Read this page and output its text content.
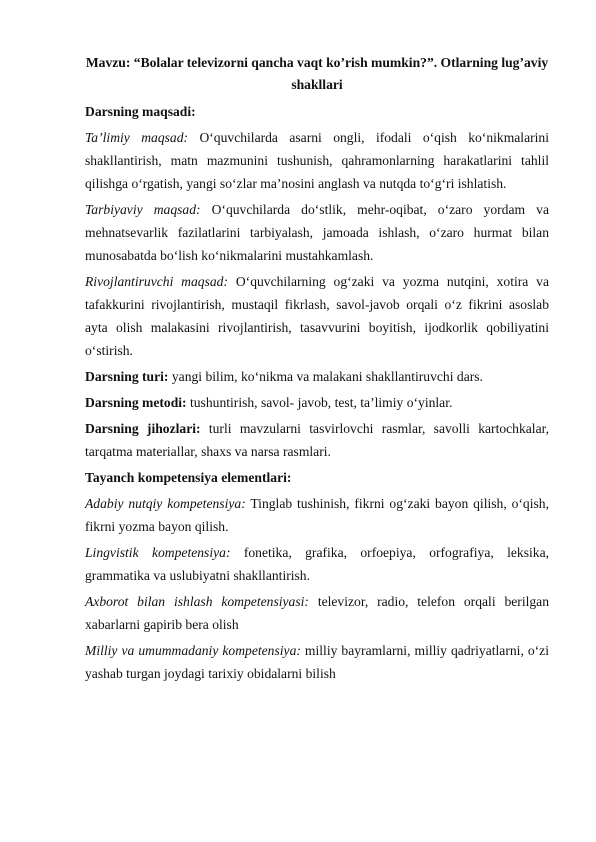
Mavzu: “Bolalar televizorni qancha vaqt ko’rish mumkin?”. Otlarning lug’aviy shakllari

Darsning maqsadi:

Ta’limiy maqsad: O‘quvchilarda asarni ongli, ifodali o‘qish ko‘nikmalarini shakllantirish, matn mazmunini tushunish, qahramonlarning harakatlarini tahlil qilishga o‘rgatish, yangi so‘zlar ma’nosini anglash va nutqda to‘g‘ri ishlatish.

Tarbiyaviy maqsad: O‘quvchilarda do‘stlik, mehr-oqibat, o‘zaro yordam va mehnatsevarlik fazilatlarini tarbiyalash, jamoada ishlash, o‘zaro hurmat bilan munosabatda bo‘lish ko‘nikmalarini mustahkamlash.

Rivojlantiruvchi maqsad: O‘quvchilarning og‘zaki va yozma nutqini, xotira va tafakkurini rivojlantirish, mustaqil fikrlash, savol-javob orqali o‘z fikrini asoslab ayta olish malakasini rivojlantirish, tasavvurini boyitish, ijodkorlik qobiliyatini o‘stirish.

Darsning turi: yangi bilim, ko‘nikma va malakani shakllantiruvchi dars.

Darsning metodi: tushuntirish, savol- javob, test, ta’limiy o‘yinlar.

Darsning jihozlari: turli mavzularni tasvirlovchi rasmlar, savolli kartochkalar, tarqatma materiallar, shaxs va narsa rasmlari.

Tayanch kompetensiya elementlari:

Adabiy nutqiy kompetensiya: Tinglab tushinish, fikrni og‘zaki bayon qilish, o‘qish, fikrni yozma bayon qilish.

Lingvistik kompetensiya: fonetika, grafika, orfoepiya, orfografiya, leksika, grammatika va uslubiyatni shakllantirish.

Axborot bilan ishlash kompetensiyasi: televizor, radio, telefon orqali berilgan xabarlarni gapirib bera olish

Milliy va umummadaniy kompetensiya: milliy bayramlarni, milliy qadriyatlarni, o‘zi yashab turgan joydagi tarixiy obidalarni bilish
